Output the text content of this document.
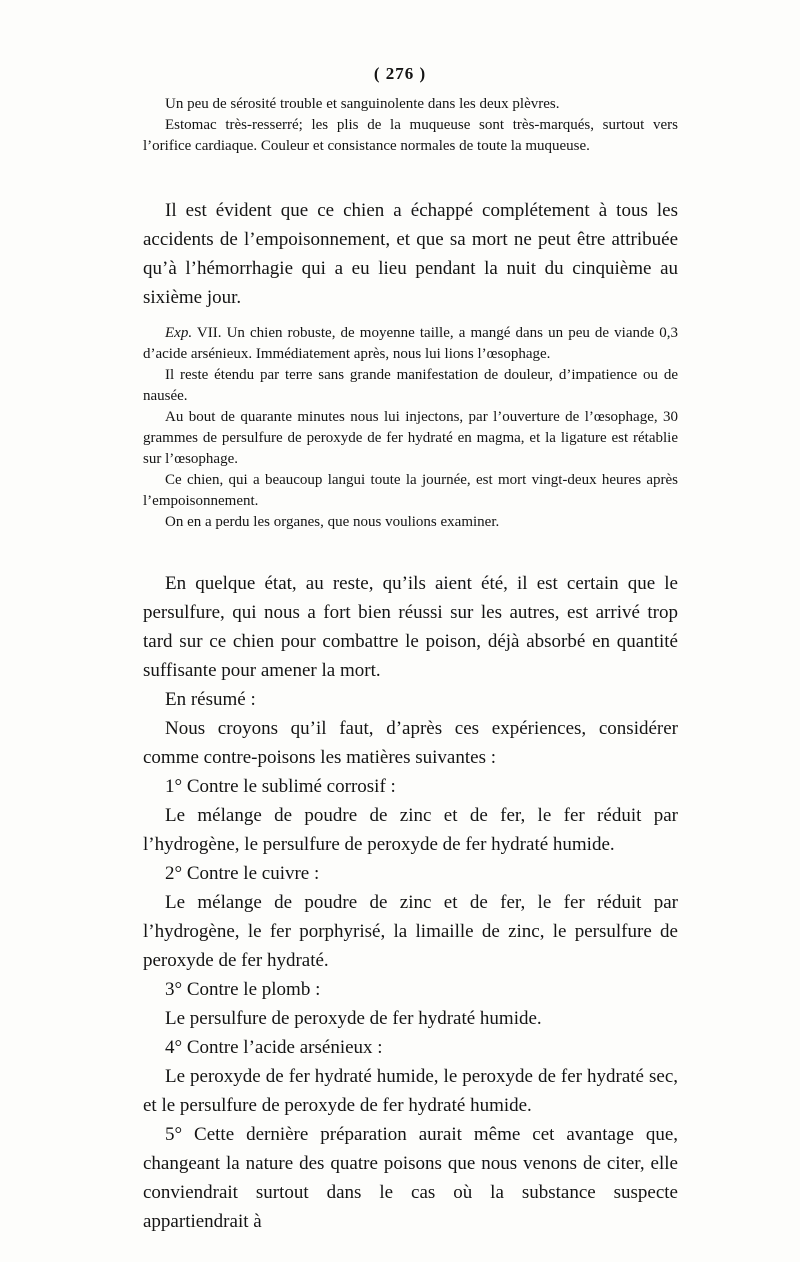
( 276 )

Un peu de sérosité trouble et sanguinolente dans les deux plèvres.

Estomac très-resserré; les plis de la muqueuse sont très-marqués, surtout vers l’orifice cardiaque. Couleur et consistance normales de toute la muqueuse.

Il est évident que ce chien a échappé complétement à tous les accidents de l’empoisonnement, et que sa mort ne peut être attribuée qu’à l’hémorrhagie qui a eu lieu pendant la nuit du cinquième au sixième jour.

Exp. VII. Un chien robuste, de moyenne taille, a mangé dans un peu de viande 0,3 d’acide arsénieux. Immédiatement après, nous lui lions l’œsophage.

Il reste étendu par terre sans grande manifestation de douleur, d’impatience ou de nausée.

Au bout de quarante minutes nous lui injectons, par l’ouverture de l’œsophage, 30 grammes de persulfure de peroxyde de fer hydraté en magma, et la ligature est rétablie sur l’œsophage.

Ce chien, qui a beaucoup langui toute la journée, est mort vingt-deux heures après l’empoisonnement.

On en a perdu les organes, que nous voulions examiner.

En quelque état, au reste, qu’ils aient été, il est certain que le persulfure, qui nous a fort bien réussi sur les autres, est arrivé trop tard sur ce chien pour combattre le poison, déjà absorbé en quantité suffisante pour amener la mort.

En résumé :

Nous croyons qu’il faut, d’après ces expériences, considérer comme contre-poisons les matières suivantes :

1° Contre le sublimé corrosif :

Le mélange de poudre de zinc et de fer, le fer réduit par l’hydrogène, le persulfure de peroxyde de fer hydraté humide.

2° Contre le cuivre :

Le mélange de poudre de zinc et de fer, le fer réduit par l’hydrogène, le fer porphyrisé, la limaille de zinc, le persulfure de peroxyde de fer hydraté.

3° Contre le plomb :

Le persulfure de peroxyde de fer hydraté humide.

4° Contre l’acide arsénieux :

Le peroxyde de fer hydraté humide, le peroxyde de fer hydraté sec, et le persulfure de peroxyde de fer hydraté humide.

5° Cette dernière préparation aurait même cet avantage que, changeant la nature des quatre poisons que nous venons de citer, elle conviendrait surtout dans le cas où la substance suspecte appartiendrait à
